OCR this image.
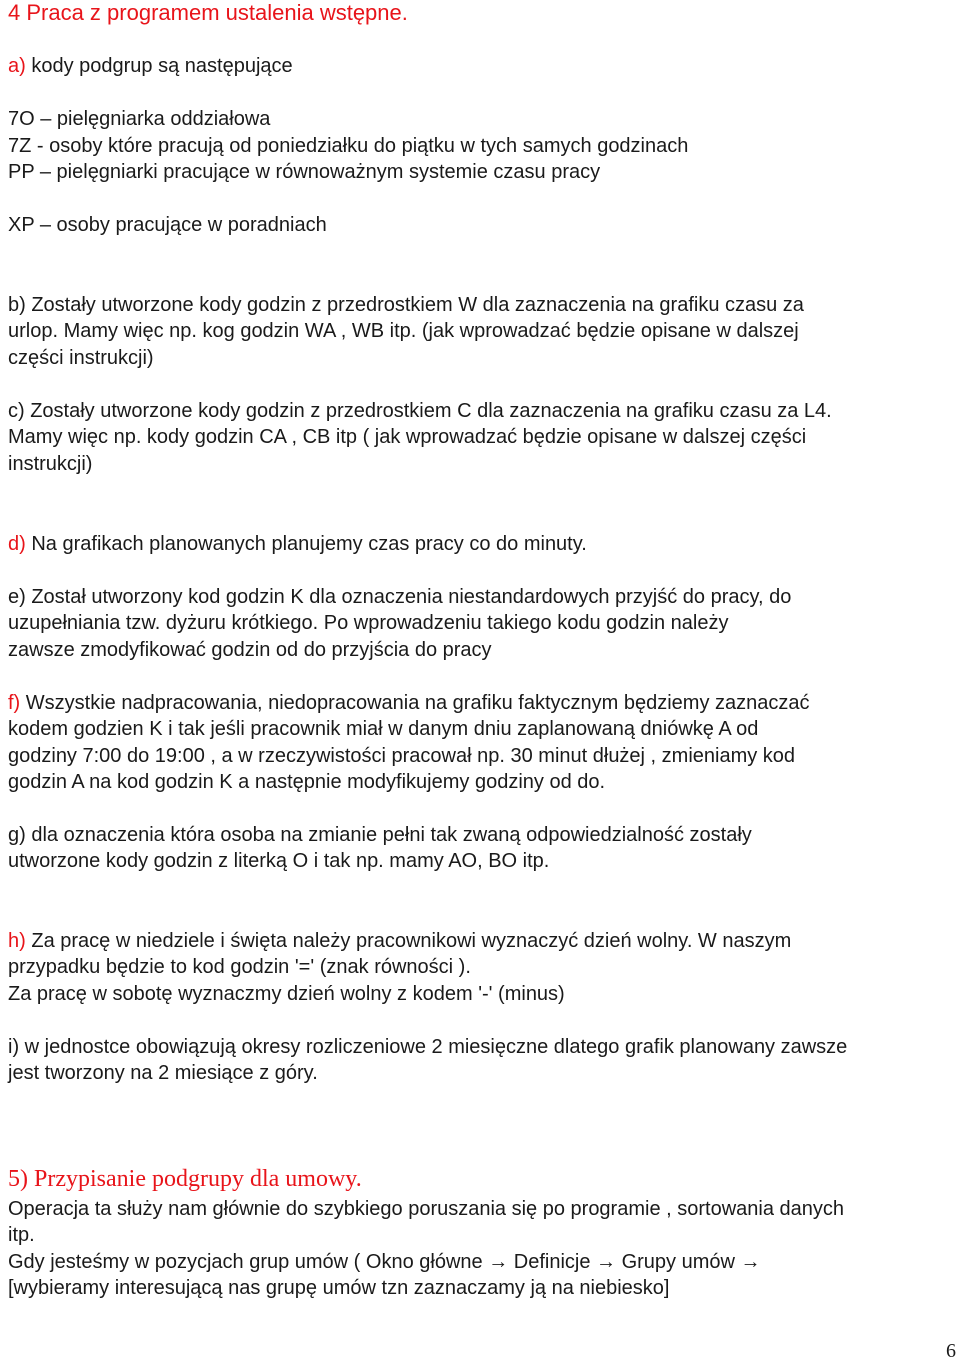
4 Praca z programem ustalenia wstępne.
a) kody podgrup są następujące
7O – pielęgniarka oddziałowa
7Z - osoby które pracują od poniedziałku do piątku w tych samych godzinach
PP – pielęgniarki pracujące w równoważnym systemie czasu pracy
XP – osoby pracujące w poradniach
b) Zostały utworzone kody godzin z przedrostkiem W dla zaznaczenia na grafiku czasu za
urlop. Mamy więc np. kog godzin WA , WB itp. (jak wprowadzać będzie opisane w dalszej
części instrukcji)
c) Zostały utworzone kody godzin z przedrostkiem C dla zaznaczenia na grafiku czasu za L4.
Mamy więc np. kody godzin CA , CB itp ( jak wprowadzać będzie opisane w dalszej części
instrukcji)
d) Na grafikach planowanych planujemy czas pracy co do minuty.
e) Został utworzony kod godzin K dla oznaczenia niestandardowych przyjść do pracy, do
uzupełniania tzw. dyżuru krótkiego. Po wprowadzeniu takiego kodu godzin należy
zawsze zmodyfikować godzin od do przyjścia do pracy
f) Wszystkie nadpracowania, niedopracowania na grafiku faktycznym będziemy zaznaczać
kodem godzien K i tak jeśli pracownik miał w danym dniu zaplanowaną dniówkę A od
godziny 7:00 do 19:00 , a w rzeczywistości pracował np. 30 minut dłużej , zmieniamy kod
godzin A na kod godzin K a następnie modyfikujemy godziny od do.
g) dla oznaczenia która osoba na zmianie pełni tak zwaną odpowiedzialność zostały
utworzone kody godzin z literką O i tak np. mamy AO, BO itp.
h) Za pracę w niedziele i święta należy pracownikowi wyznaczyć dzień wolny. W naszym
przypadku będzie to kod godzin '=' (znak równości ).
Za pracę w sobotę wyznaczmy dzień wolny z kodem '-' (minus)
i) w jednostce obowiązują okresy rozliczeniowe 2 miesięczne dlatego grafik planowany zawsze
jest tworzony na 2 miesiące z góry.
5) Przypisanie podgrupy dla umowy.
Operacja ta służy nam głównie do szybkiego poruszania się po programie , sortowania danych
itp.
Gdy jesteśmy w pozycjach grup umów ( Okno główne → Definicje → Grupy umów →
[wybieramy interesującą nas grupę umów tzn zaznaczamy ją na niebiesko]
6
